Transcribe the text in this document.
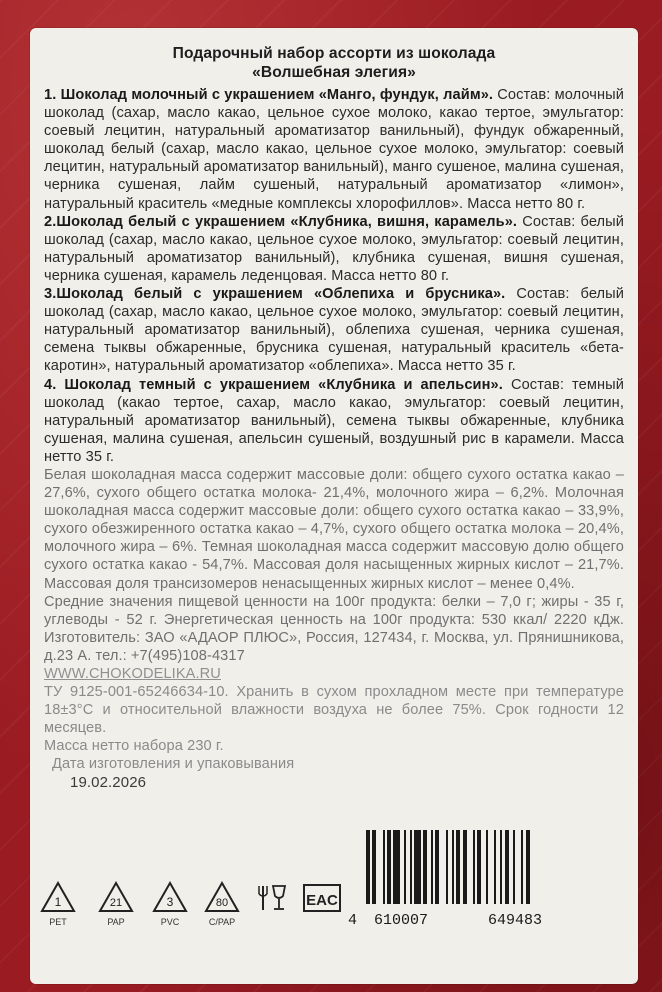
Подарочный набор ассорти из шоколада
«Волшебная элегия»

1. Шоколад молочный с украшением «Манго, фундук, лайм». Состав: молочный шоколад (сахар, масло какао, цельное сухое молоко, какао тертое, эмульгатор: соевый лецитин, натуральный ароматизатор ванильный), фундук обжаренный, шоколад белый (сахар, масло какао, цельное сухое молоко, эмульгатор: соевый лецитин, натуральный ароматизатор ванильный), манго сушеное, малина сушеная, черника сушеная, лайм сушеный, натуральный ароматизатор «лимон», натуральный краситель «медные комплексы хлорофиллов». Масса нетто 80 г.

2.Шоколад белый с украшением «Клубника, вишня, карамель». Состав: белый шоколад (сахар, масло какао, цельное сухое молоко, эмульгатор: соевый лецитин, натуральный ароматизатор ванильный), клубника сушеная, вишня сушеная, черника сушеная, карамель леденцовая. Масса нетто 80 г.

3.Шоколад белый с украшением «Облепиха и брусника». Состав: белый шоколад (сахар, масло какао, цельное сухое молоко, эмульгатор: соевый лецитин, натуральный ароматизатор ванильный), облепиха сушеная, черника сушеная, семена тыквы обжаренные, брусника сушеная, натуральный краситель «бета-каротин», натуральный ароматизатор «облепиха». Масса нетто 35 г.

4. Шоколад темный с украшением «Клубника и апельсин». Состав: темный шоколад (какао тертое, сахар, масло какао, эмульгатор: соевый лецитин, натуральный ароматизатор ванильный), семена тыквы обжаренные, клубника сушеная, малина сушеная, апельсин сушеный, воздушный рис в карамели. Масса нетто 35 г.

Белая шоколадная масса содержит массовые доли: общего сухого остатка какао – 27,6%, сухого общего остатка молока- 21,4%, молочного жира – 6,2%. Молочная шоколадная масса содержит массовые доли: общего сухого остатка какао – 33,9%, сухого обезжиренного остатка какао – 4,7%, сухого общего остатка молока – 20,4%, молочного жира – 6%. Темная шоколадная масса содержит массовую долю общего сухого остатка какао - 54,7%. Массовая доля насыщенных жирных кислот – 21,7%. Массовая доля трансизомеров ненасыщенных жирных кислот – менее 0,4%.

Средние значения пищевой ценности на 100г продукта: белки – 7,0 г; жиры - 35 г, углеводы - 52 г. Энергетическая ценность на 100г продукта: 530 ккал/ 2220 кДж. Изготовитель: ЗАО «АДАОР ПЛЮС», Россия, 127434, г. Москва, ул. Прянишникова, д.23 А. тел.: +7(495)108-4317

WWW.CHOKODELIKA.RU

ТУ 9125-001-65246634-10. Хранить в сухом прохладном месте при температуре 18±3°C и относительной влажности воздуха не более 75%. Срок годности 12 месяцев.

Масса нетто набора 230 г.

Дата изготовления и упаковывания
19.02.2026
1
PET
21
PAP
3
PVC
80
C/PAP
EAC
4 610007	649483
